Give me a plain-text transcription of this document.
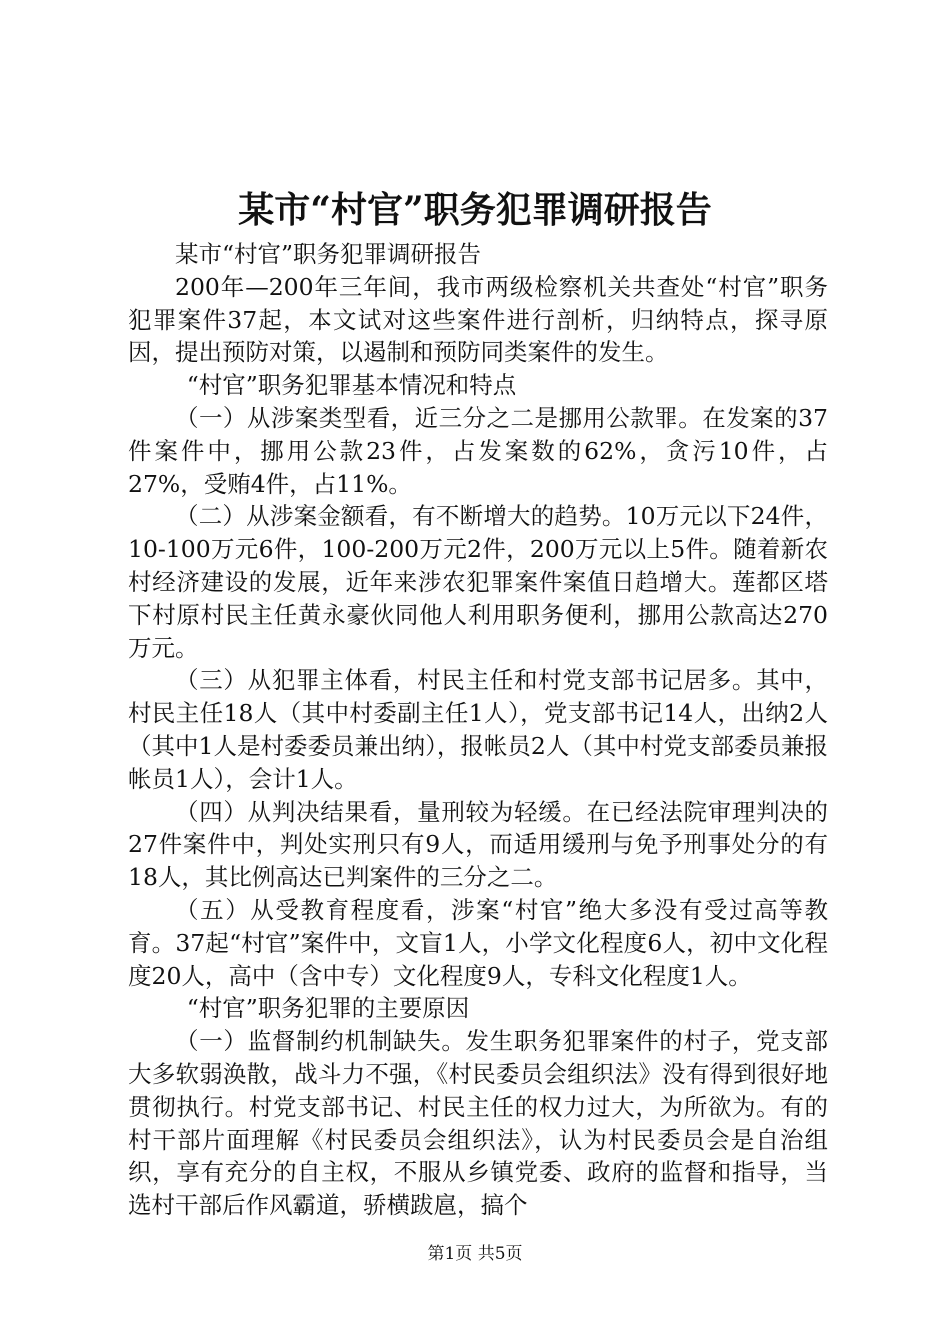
某市“村官”职务犯罪调研报告

某市“村官”职务犯罪调研报告

200年—200年三年间，我市两级检察机关共查处“村官”职务犯罪案件37起，本文试对这些案件进行剖析，归纳特点，探寻原因，提出预防对策，以遏制和预防同类案件的发生。

“村官”职务犯罪基本情况和特点

（一）从涉案类型看，近三分之二是挪用公款罪。在发案的37件案件中，挪用公款23件，占发案数的62%，贪污10件，占27%，受贿4件，占11%。

（二）从涉案金额看，有不断增大的趋势。10万元以下24件，10-100万元6件，100-200万元2件，200万元以上5件。随着新农村经济建设的发展，近年来涉农犯罪案件案值日趋增大。莲都区塔下村原村民主任黄永豪伙同他人利用职务便利，挪用公款高达270万元。

（三）从犯罪主体看，村民主任和村党支部书记居多。其中，村民主任18人（其中村委副主任1人），党支部书记14人，出纳2人（其中1人是村委委员兼出纳），报帐员2人（其中村党支部委员兼报帐员1人），会计1人。

（四）从判决结果看，量刑较为轻缓。在已经法院审理判决的27件案件中，判处实刑只有9人，而适用缓刑与免予刑事处分的有18人，其比例高达已判案件的三分之二。

（五）从受教育程度看，涉案“村官”绝大多没有受过高等教育。37起“村官”案件中，文盲1人，小学文化程度6人，初中文化程度20人，高中（含中专）文化程度9人，专科文化程度1人。

“村官”职务犯罪的主要原因

（一）监督制约机制缺失。发生职务犯罪案件的村子，党支部大多软弱涣散，战斗力不强，《村民委员会组织法》没有得到很好地贯彻执行。村党支部书记、村民主任的权力过大，为所欲为。有的村干部片面理解《村民委员会组织法》，认为村民委员会是自治组织，享有充分的自主权，不服从乡镇党委、政府的监督和指导，当选村干部后作风霸道，骄横跋扈，搞个

第1页 共5页
